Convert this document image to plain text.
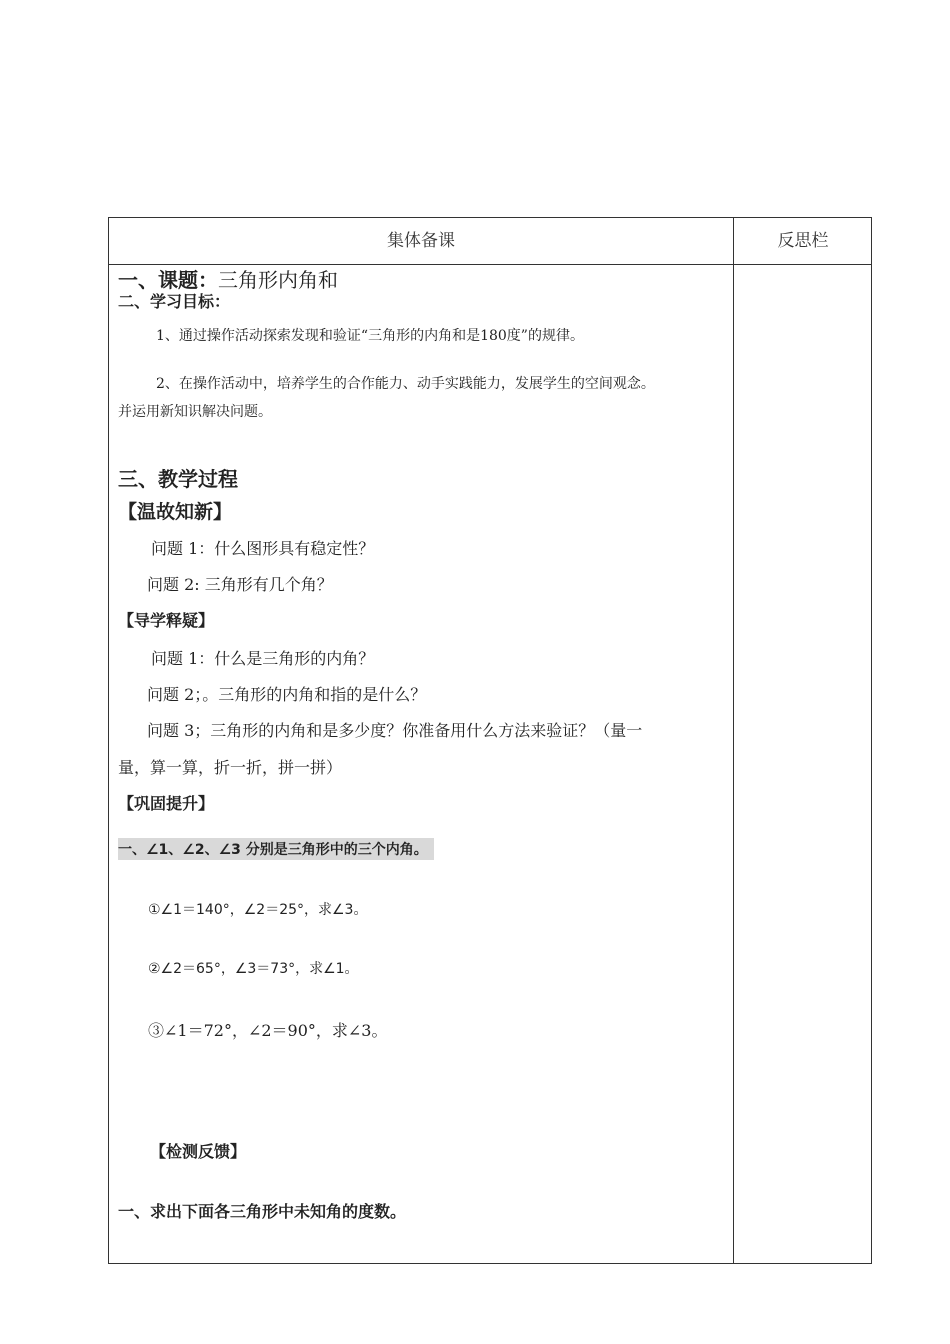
集体备课	反思栏
一、课题：三角形内角和
二、学习目标：
1、通过操作活动探索发现和验证“三角形的内角和是180度”的规律。
2、在操作活动中，培养学生的合作能力、动手实践能力，发展学生的空间观念。
并运用新知识解决问题。
三、教学过程
【温故知新】
问题 1：什么图形具有稳定性？
问题 2: 三角形有几个角？
【导学释疑】
问题 1：什么是三角形的内角？
问题 2；。三角形的内角和指的是什么？
问题 3；三角形的内角和是多少度？你准备用什么方法来验证？（量一
量，算一算，折一折，拼一拼）
【巩固提升】
一、∠1、∠2、∠3 分别是三角形中的三个内角。
①∠1＝140°，∠2＝25°，求∠3。
②∠2＝65°，∠3＝73°，求∠1。
③∠1＝72°，∠2＝90°，求∠3。
【检测反馈】
一、求出下面各三角形中未知角的度数。
